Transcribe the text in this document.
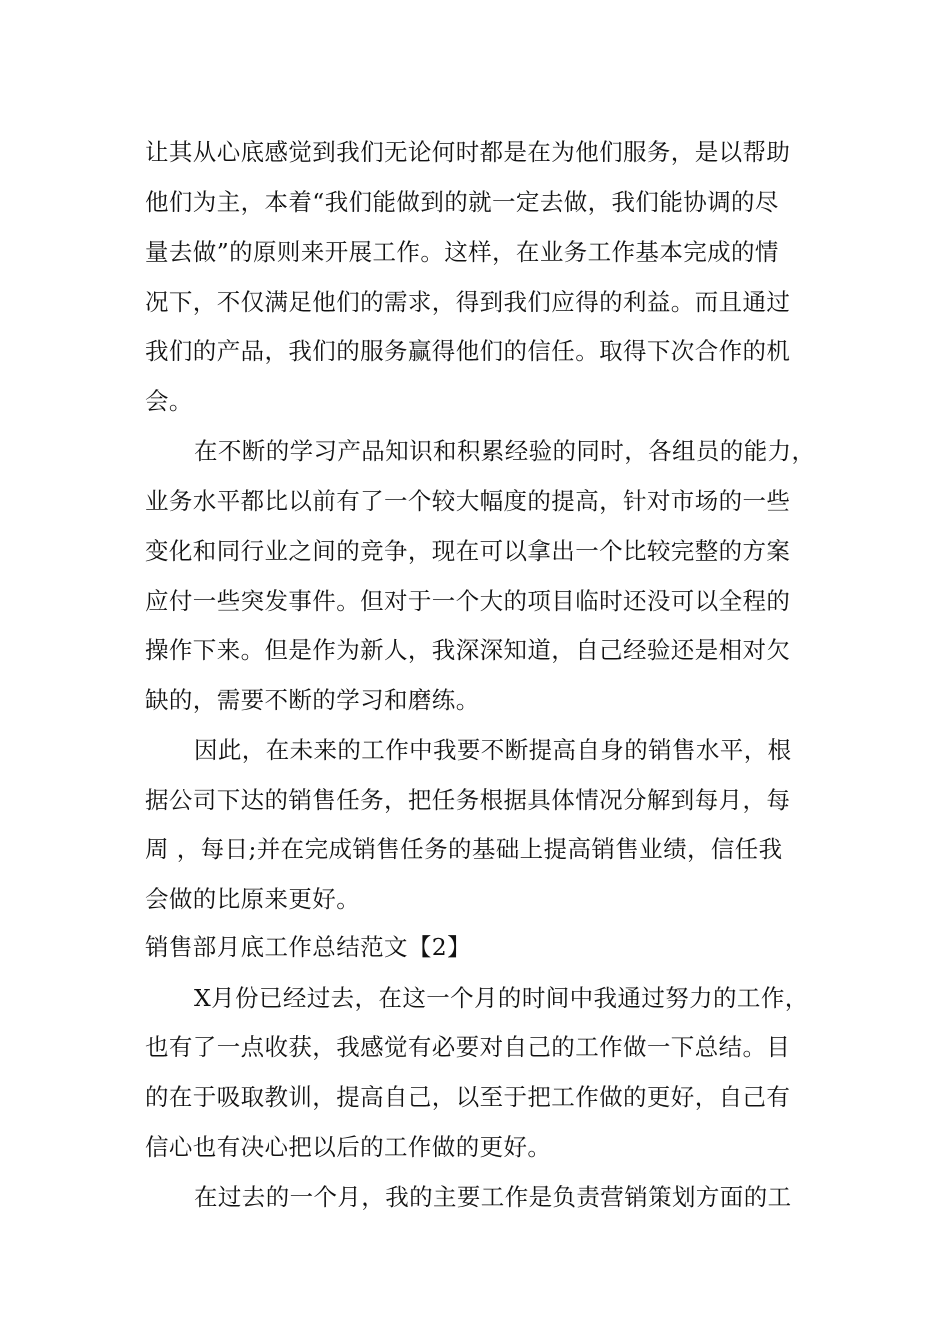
让其从心底感觉到我们无论何时都是在为他们服务，是以帮助
他们为主，本着“我们能做到的就一定去做，我们能协调的尽
量去做”的原则来开展工作。这样，在业务工作基本完成的情
况下，不仅满足他们的需求，得到我们应得的利益。而且通过
我们的产品，我们的服务赢得他们的信任。取得下次合作的机
会。
在不断的学习产品知识和积累经验的同时，各组员的能力，
业务水平都比以前有了一个较大幅度的提高，针对市场的一些
变化和同行业之间的竞争，现在可以拿出一个比较完整的方案
应付一些突发事件。但对于一个大的项目临时还没可以全程的
操作下来。但是作为新人，我深深知道，自己经验还是相对欠
缺的，需要不断的学习和磨练。
因此，在未来的工作中我要不断提高自身的销售水平，根
据公司下达的销售任务，把任务根据具体情况分解到每月，每
周 ，每日;并在完成销售任务的基础上提高销售业绩，信任我
会做的比原来更好。
销售部月底工作总结范文【2】
X月份已经过去，在这一个月的时间中我通过努力的工作，
也有了一点收获，我感觉有必要对自己的工作做一下总结。目
的在于吸取教训，提高自己，以至于把工作做的更好，自己有
信心也有决心把以后的工作做的更好。
在过去的一个月，我的主要工作是负责营销策划方面的工
